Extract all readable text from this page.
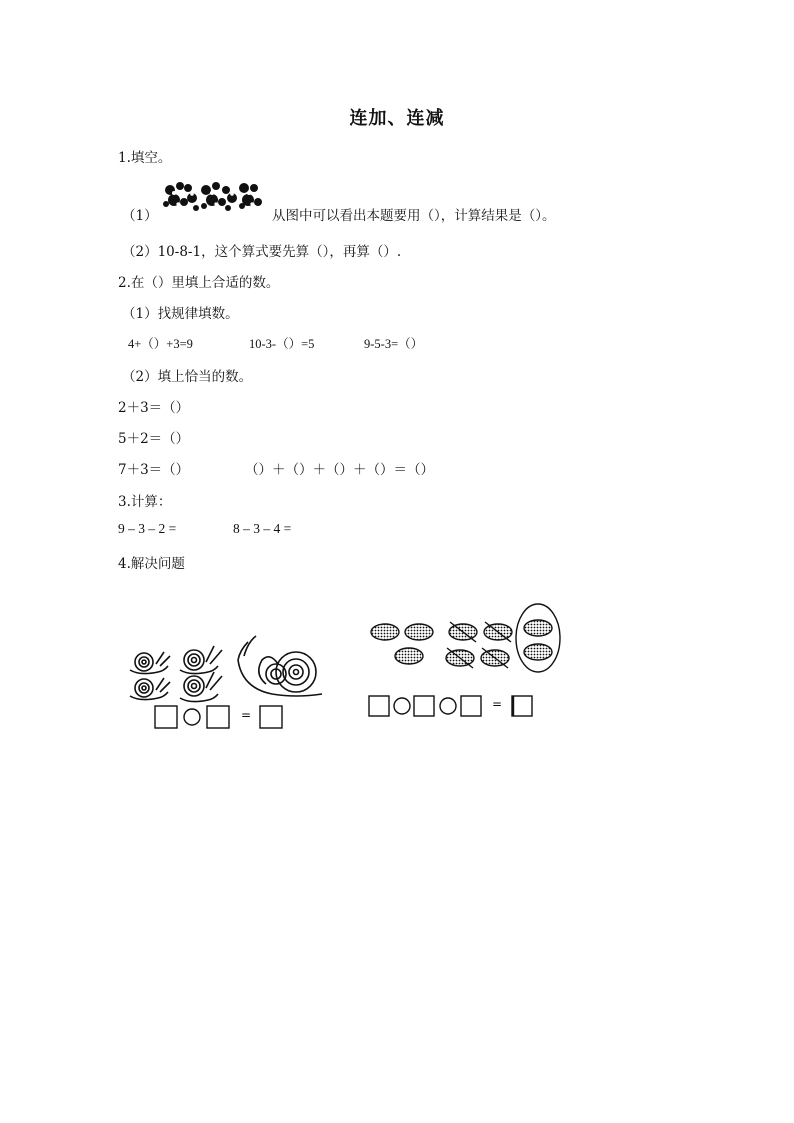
连加、连减
1.填空。
（1）	从图中可以看出本题要用（），计算结果是（）。
（2）10-8-1，这个算式要先算（），再算（）.
2.在（）里填上合适的数。
（1）找规律填数。
4+（）+3=9	10-3-（）=5	9-5-3=（）
（2）填上恰当的数。
2＋3＝（）
5＋2＝（）
7＋3＝（）	（）＋（）＋（）＋（）＝（）
3.计算：
9 – 3 – 2 =	8 – 3 – 4 =
4.解决问题
=
=
